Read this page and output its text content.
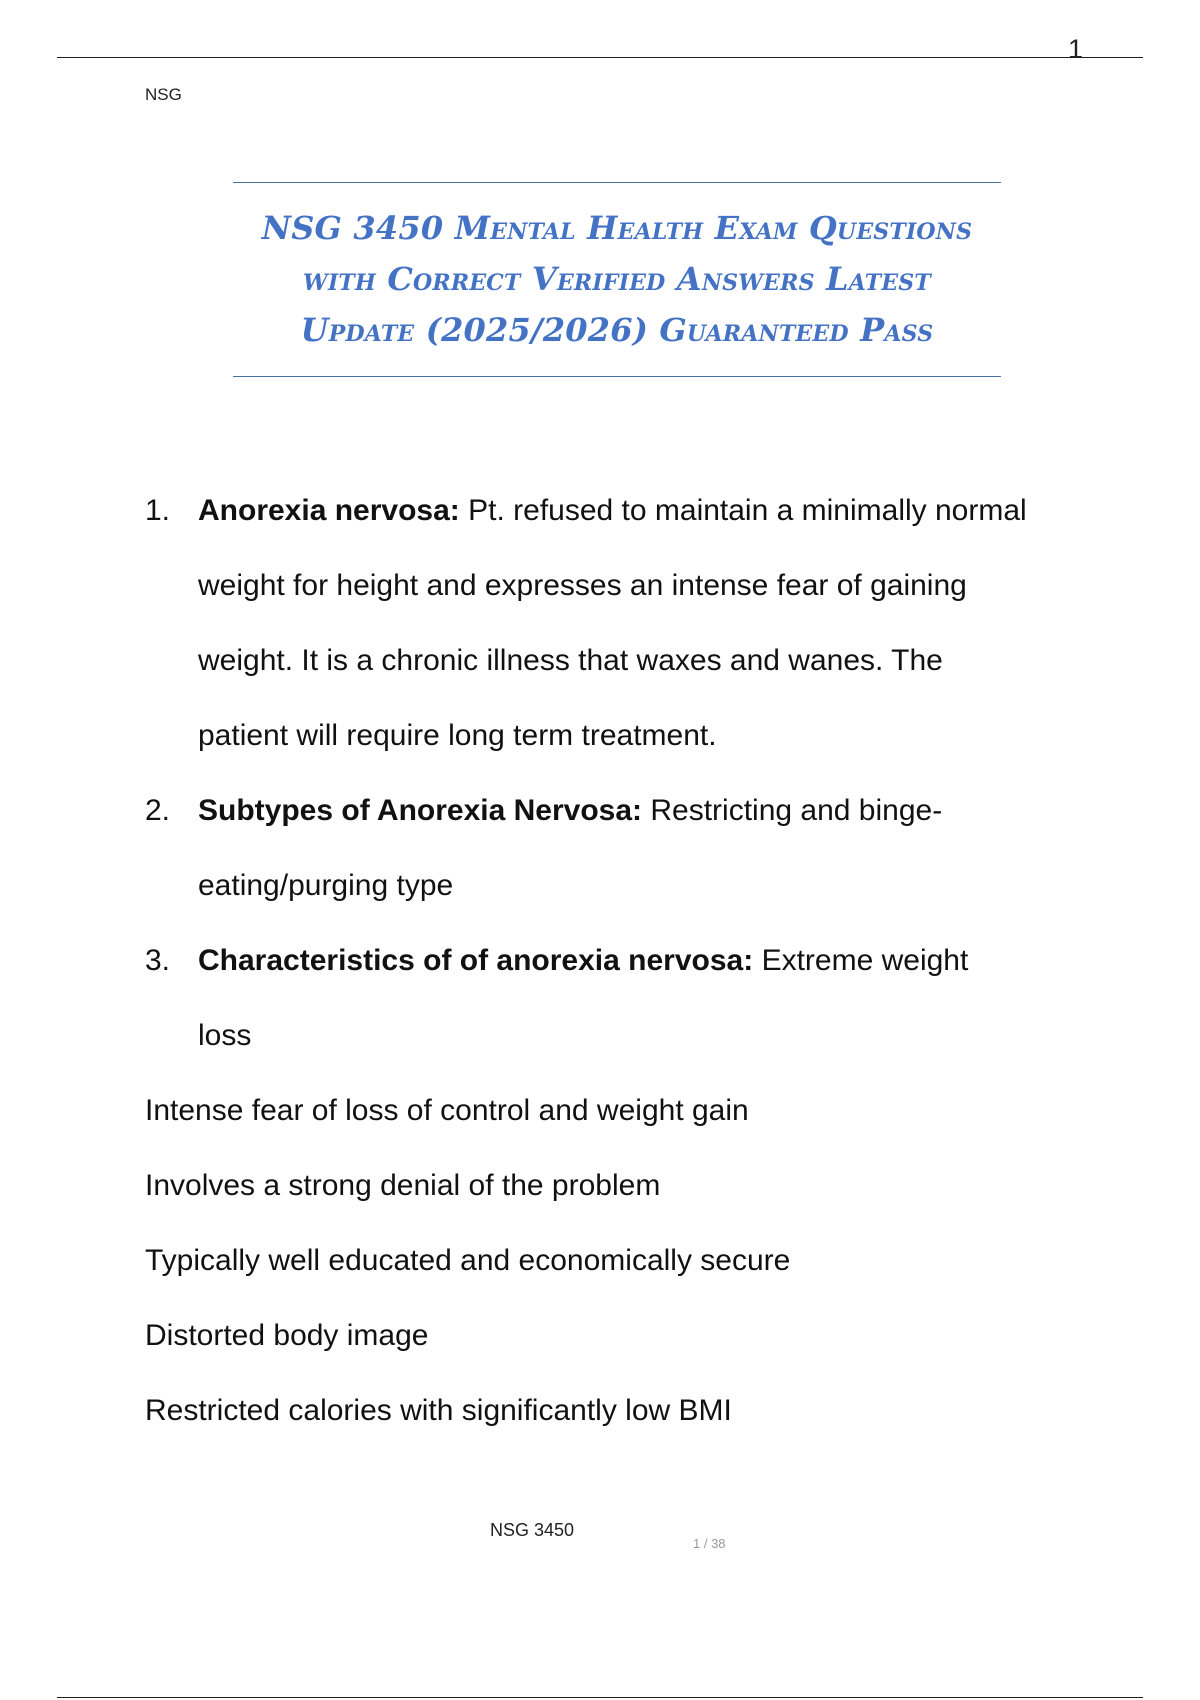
1
NSG
NSG 3450 Mental Health Exam Questions
with Correct Verified Answers Latest
Update (2025/2026) Guaranteed Pass
1. Anorexia nervosa: Pt. refused to maintain a minimally normal
weight for height and expresses an intense fear of gaining
weight. It is a chronic illness that waxes and wanes. The
patient will require long term treatment.
2. Subtypes of Anorexia Nervosa: Restricting and binge-
eating/purging type
3. Characteristics of of anorexia nervosa: Extreme weight
loss
Intense fear of loss of control and weight gain
Involves a strong denial of the problem
Typically well educated and economically secure
Distorted body image
Restricted calories with significantly low BMI
NSG 3450
1 / 38
